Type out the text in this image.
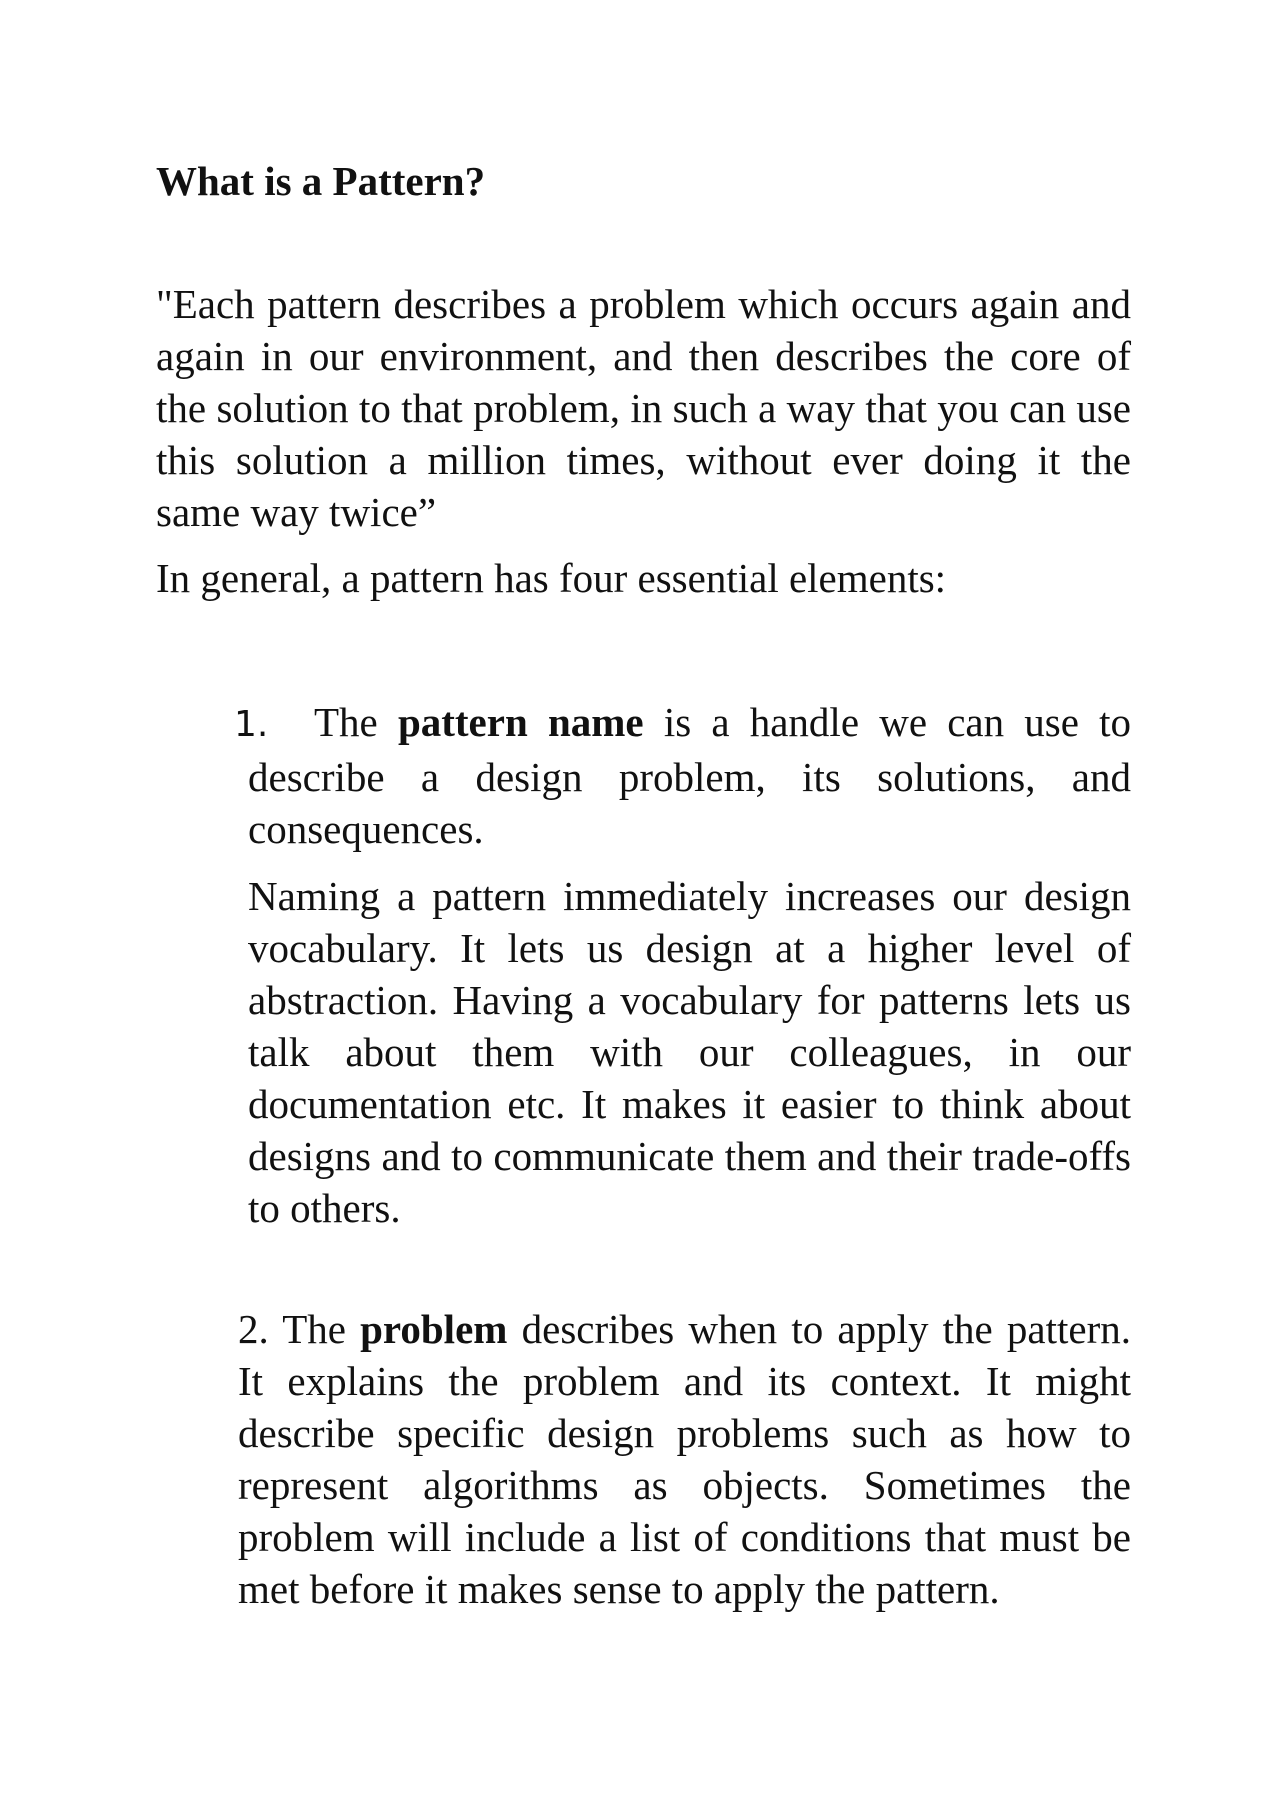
What is a Pattern?

"Each pattern describes a problem which occurs again and again in our environment, and then describes the core of the solution to that problem, in such a way that you can use this solution a million times, without ever doing it the same way twice”

In general, a pattern has four essential elements:

1. The pattern name is a handle we can use to describe a design problem, its solutions, and consequences.

Naming a pattern immediately increases our design vocabulary. It lets us design at a higher level of abstraction. Having a vocabulary for patterns lets us talk about them with our colleagues, in our documentation etc. It makes it easier to think about designs and to communicate them and their trade-offs to others.

2. The problem describes when to apply the pattern. It explains the problem and its context. It might describe specific design problems such as how to represent algorithms as objects. Sometimes the problem will include a list of conditions that must be met before it makes sense to apply the pattern.
